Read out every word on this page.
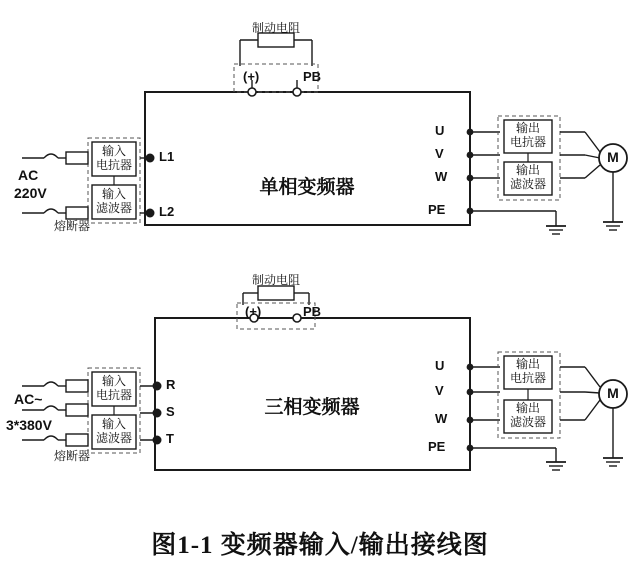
制动电阻
(+)	PB
单相变频器
AC
220V
熔断器
输入
电抗器
输入
滤波器
L1
L2
U
V
W
PE
输出
电抗器
输出
滤波器
M
制动电阻
(+)	PB
三相变频器
AC~
3*380V
熔断器
输入
电抗器
输入
滤波器
R
S
T
U
V
W
PE
输出
电抗器
输出
滤波器
M
图1-1 变频器输入/输出接线图
